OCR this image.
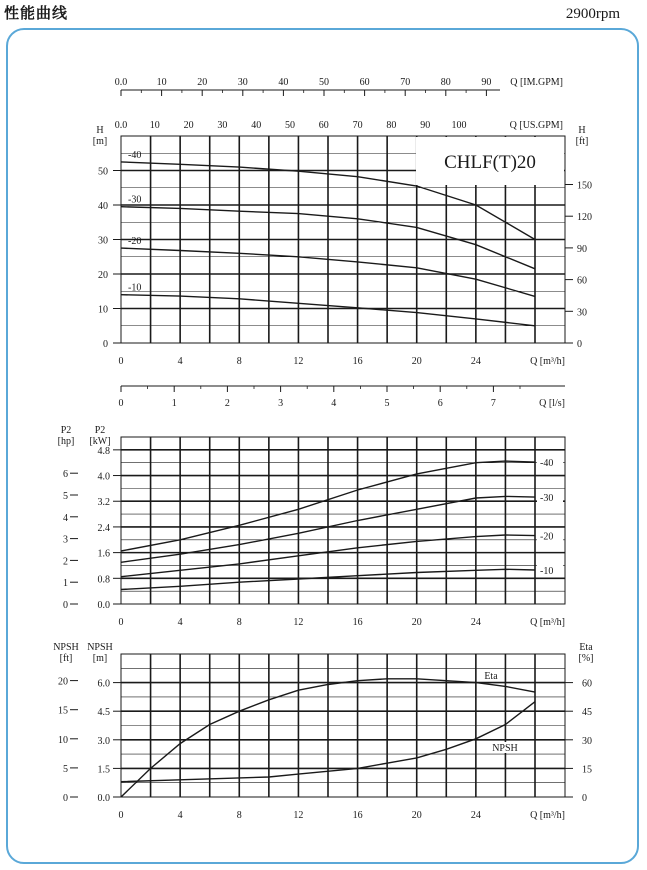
性能曲线	2900rpm
0.0	10	20	30	40	50	60	70	80	90 Q [IM.GPM]
0.0 10 20 30 40 50 60 70 80 90 100	Q [US.GPM]
CHLF(T)20
0
10
20
30
40
50
H
[m]
0
30
60
90
120
150
H
[ft]
0	4	8	12	16	20	24	Q [m³/h]
-40
-30
-20
-10
0	1	2	3	4	5	6	7	Q [l/s]
0.0
0.8
1.6
2.4
3.2
4.0
4.8
P2
[kW]
0
1
2
3
4
5
6
P2
[hp]
0	4	8	12	16	20	24	Q [m³/h]
-40
-30
-20
-10
0.0
1.5
3.0
4.5
6.0
NPSH
[m]
0
5
10
15
20
NPSH
[ft]
0
15
30
45
60
Eta
[%]
0	4	8	12	16	20	24	Q [m³/h]
Eta
NPSH
